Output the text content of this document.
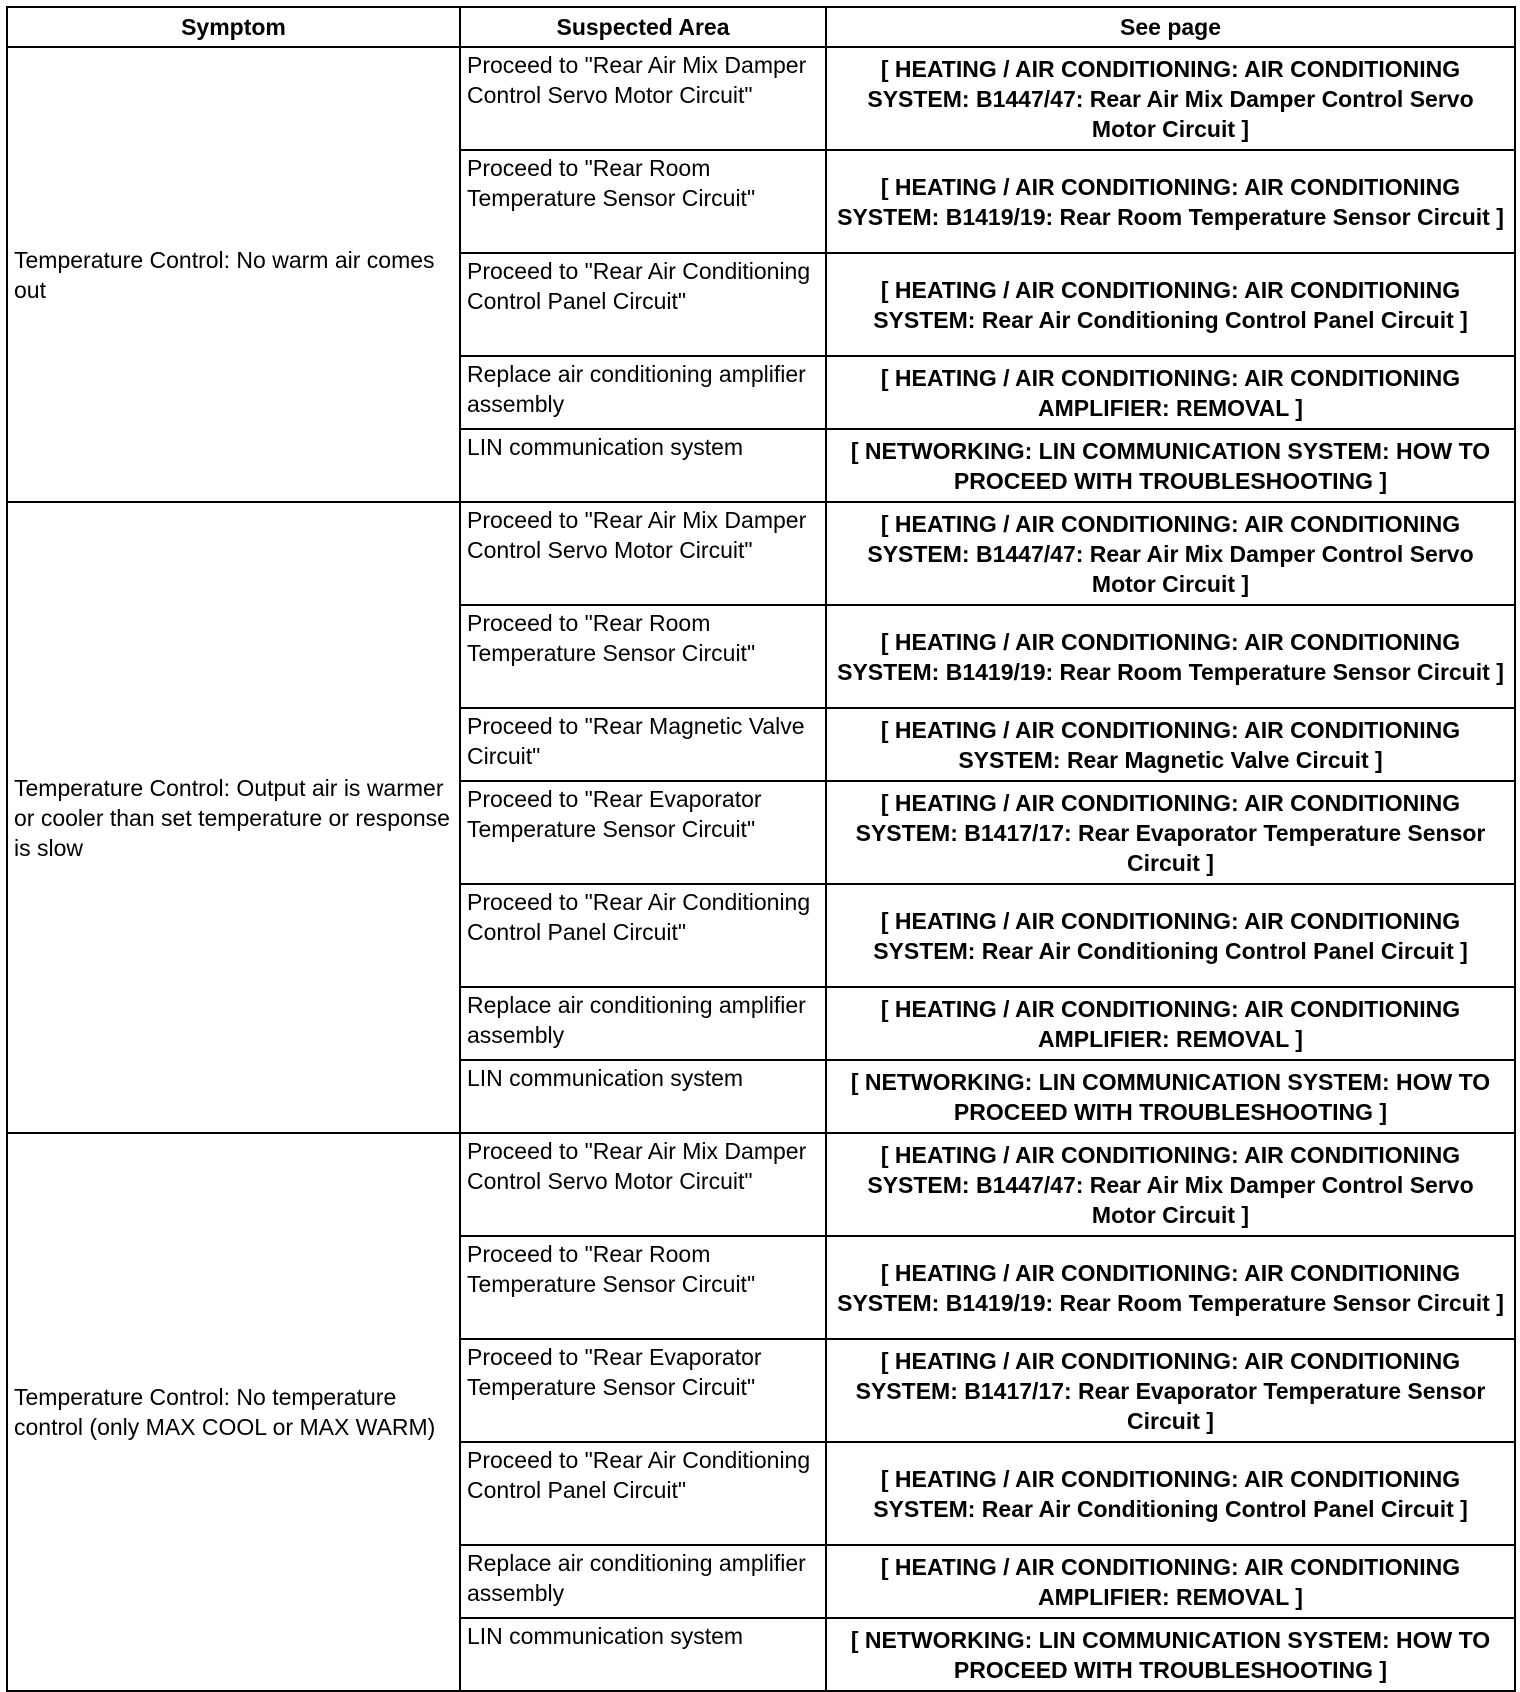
Symptom	Suspected Area	See page
Temperature Control: No warm air comes out	Proceed to "Rear Air Mix Damper Control Servo Motor Circuit"	[ HEATING / AIR CONDITIONING: AIR CONDITIONING SYSTEM: B1447/47: Rear Air Mix Damper Control Servo Motor Circuit ]
	Proceed to "Rear Room Temperature Sensor Circuit"	[ HEATING / AIR CONDITIONING: AIR CONDITIONING SYSTEM: B1419/19: Rear Room Temperature Sensor Circuit ]
	Proceed to "Rear Air Conditioning Control Panel Circuit"	[ HEATING / AIR CONDITIONING: AIR CONDITIONING SYSTEM: Rear Air Conditioning Control Panel Circuit ]
	Replace air conditioning amplifier assembly	[ HEATING / AIR CONDITIONING: AIR CONDITIONING AMPLIFIER: REMOVAL ]
	LIN communication system	[ NETWORKING: LIN COMMUNICATION SYSTEM: HOW TO PROCEED WITH TROUBLESHOOTING ]
Temperature Control: Output air is warmer or cooler than set temperature or response is slow	Proceed to "Rear Air Mix Damper Control Servo Motor Circuit"	[ HEATING / AIR CONDITIONING: AIR CONDITIONING SYSTEM: B1447/47: Rear Air Mix Damper Control Servo Motor Circuit ]
	Proceed to "Rear Room Temperature Sensor Circuit"	[ HEATING / AIR CONDITIONING: AIR CONDITIONING SYSTEM: B1419/19: Rear Room Temperature Sensor Circuit ]
	Proceed to "Rear Magnetic Valve Circuit"	[ HEATING / AIR CONDITIONING: AIR CONDITIONING SYSTEM: Rear Magnetic Valve Circuit ]
	Proceed to "Rear Evaporator Temperature Sensor Circuit"	[ HEATING / AIR CONDITIONING: AIR CONDITIONING SYSTEM: B1417/17: Rear Evaporator Temperature Sensor Circuit ]
	Proceed to "Rear Air Conditioning Control Panel Circuit"	[ HEATING / AIR CONDITIONING: AIR CONDITIONING SYSTEM: Rear Air Conditioning Control Panel Circuit ]
	Replace air conditioning amplifier assembly	[ HEATING / AIR CONDITIONING: AIR CONDITIONING AMPLIFIER: REMOVAL ]
	LIN communication system	[ NETWORKING: LIN COMMUNICATION SYSTEM: HOW TO PROCEED WITH TROUBLESHOOTING ]
Temperature Control: No temperature control (only MAX COOL or MAX WARM)	Proceed to "Rear Air Mix Damper Control Servo Motor Circuit"	[ HEATING / AIR CONDITIONING: AIR CONDITIONING SYSTEM: B1447/47: Rear Air Mix Damper Control Servo Motor Circuit ]
	Proceed to "Rear Room Temperature Sensor Circuit"	[ HEATING / AIR CONDITIONING: AIR CONDITIONING SYSTEM: B1419/19: Rear Room Temperature Sensor Circuit ]
	Proceed to "Rear Evaporator Temperature Sensor Circuit"	[ HEATING / AIR CONDITIONING: AIR CONDITIONING SYSTEM: B1417/17: Rear Evaporator Temperature Sensor Circuit ]
	Proceed to "Rear Air Conditioning Control Panel Circuit"	[ HEATING / AIR CONDITIONING: AIR CONDITIONING SYSTEM: Rear Air Conditioning Control Panel Circuit ]
	Replace air conditioning amplifier assembly	[ HEATING / AIR CONDITIONING: AIR CONDITIONING AMPLIFIER: REMOVAL ]
	LIN communication system	[ NETWORKING: LIN COMMUNICATION SYSTEM: HOW TO PROCEED WITH TROUBLESHOOTING ]
